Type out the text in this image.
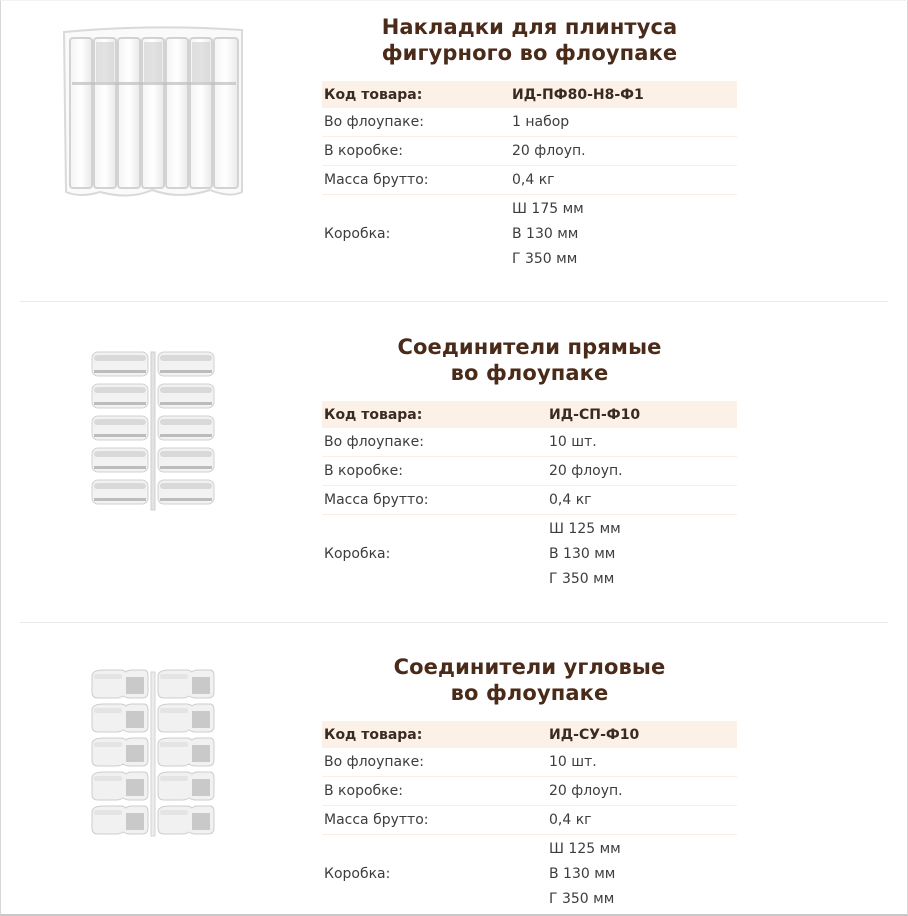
Накладки для плинтуса
фигурного во флоупаке
Код товара:	ИД-ПФ80-Н8-Ф1
Во флоупаке:	1 набор
В коробке:	20 флоуп.
Масса брутто:	0,4 кг
Коробка:	Ш 175 мм
В 130 мм
Г 350 мм
Соединители прямые
во флоупаке
Код товара:	ИД-СП-Ф10
Во флоупаке:	10 шт.
В коробке:	20 флоуп.
Масса брутто:	0,4 кг
Коробка:	Ш 125 мм
В 130 мм
Г 350 мм
Соединители угловые
во флоупаке
Код товара:	ИД-СУ-Ф10
Во флоупаке:	10 шт.
В коробке:	20 флоуп.
Масса брутто:	0,4 кг
Коробка:	Ш 125 мм
В 130 мм
Г 350 мм
